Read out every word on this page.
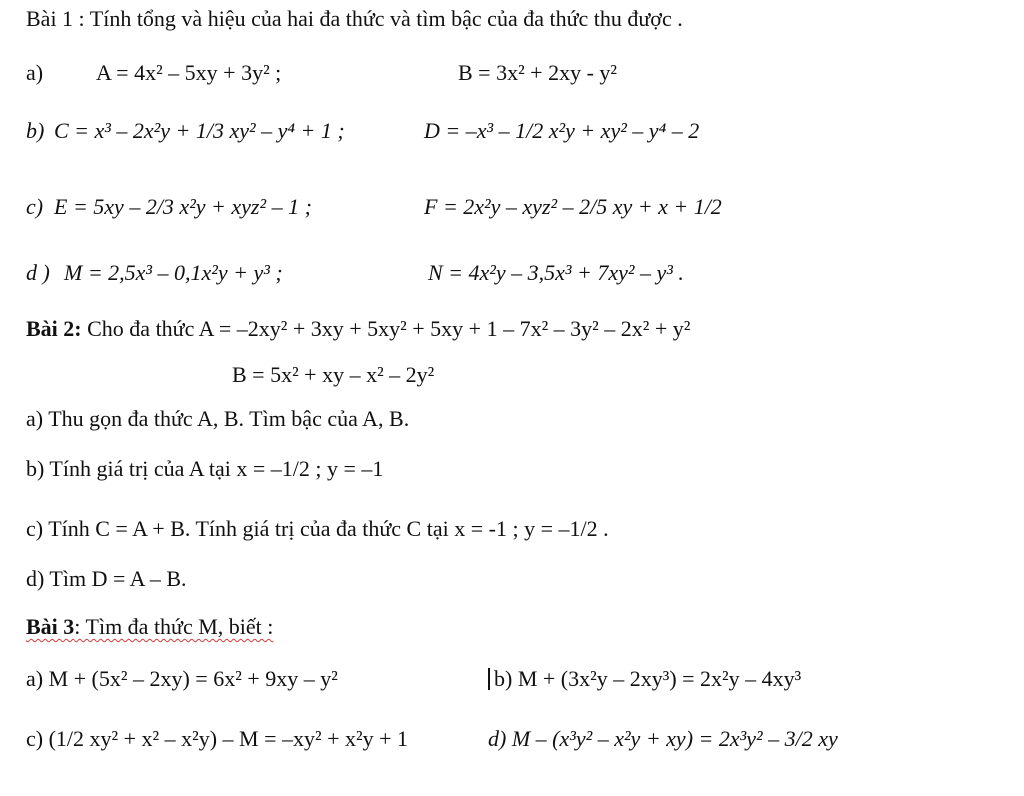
Bài 1 : Tính tổng và hiệu của hai đa thức và tìm bậc của đa thức thu được .
a) A = 4x² – 5xy + 3y² ;	B = 3x² + 2xy - y²
b) C = x³ – 2x²y + 1/3 xy² – y⁴ + 1 ;	D = –x³ – 1/2 x²y + xy² – y⁴ – 2
c) E = 5xy – 2/3 x²y + xyz² – 1 ;	F = 2x²y – xyz² – 2/5 xy + x + 1/2
d ) M = 2,5x³ – 0,1x²y + y³ ;	N = 4x²y – 3,5x³ + 7xy² – y³ .
Bài 2: Cho đa thức A = –2xy² + 3xy + 5xy² + 5xy + 1 – 7x² – 3y² – 2x² + y²
B = 5x² + xy – x² – 2y²
a) Thu gọn đa thức A, B. Tìm bậc của A, B.
b) Tính giá trị của A tại x = –1/2 ; y = –1
c) Tính C = A + B. Tính giá trị của đa thức C tại x = -1 ; y = –1/2 .
d) Tìm D = A – B.
Bài 3: Tìm đa thức M, biết :
a) M + (5x² – 2xy) = 6x² + 9xy – y²	b) M + (3x²y – 2xy³) = 2x²y – 4xy³
c) (1/2 xy² + x² – x²y) – M = –xy² + x²y + 1	d) M – (x³y² – x²y + xy) = 2x³y² – 3/2 xy
